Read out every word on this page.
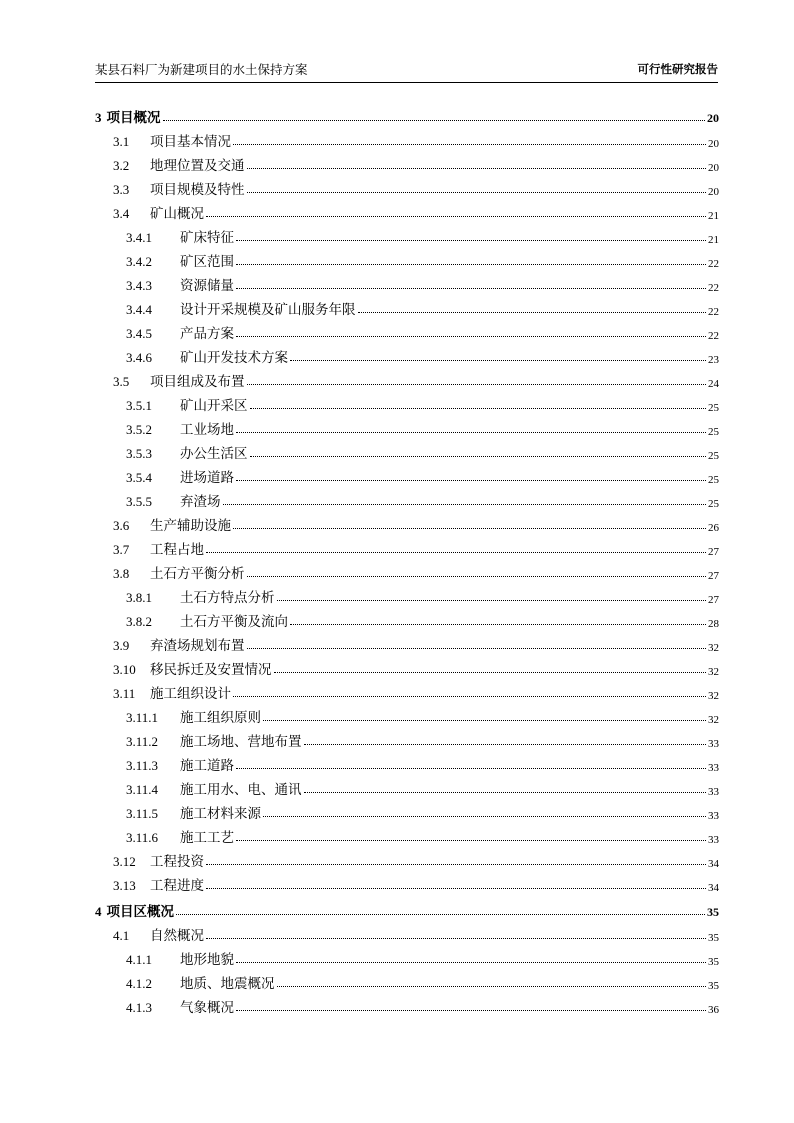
某县石料厂为新建项目的水土保持方案	可行性研究报告
3 项目概况	20
3.1	项目基本情况	20
3.2	地理位置及交通	20
3.3	项目规模及特性	20
3.4	矿山概况	21
3.4.1	矿床特征	21
3.4.2	矿区范围	22
3.4.3	资源储量	22
3.4.4	设计开采规模及矿山服务年限	22
3.4.5	产品方案	22
3.4.6	矿山开发技术方案	23
3.5	项目组成及布置	24
3.5.1	矿山开采区	25
3.5.2	工业场地	25
3.5.3	办公生活区	25
3.5.4	进场道路	25
3.5.5	弃渣场	25
3.6	生产辅助设施	26
3.7	工程占地	27
3.8	土石方平衡分析	27
3.8.1	土石方特点分析	27
3.8.2	土石方平衡及流向	28
3.9	弃渣场规划布置	32
3.10	移民拆迁及安置情况	32
3.11	施工组织设计	32
3.11.1	施工组织原则	32
3.11.2	施工场地、营地布置	33
3.11.3	施工道路	33
3.11.4	施工用水、电、通讯	33
3.11.5	施工材料来源	33
3.11.6	施工工艺	33
3.12	工程投资	34
3.13	工程进度	34
4 项目区概况	35
4.1	自然概况	35
4.1.1	地形地貌	35
4.1.2	地质、地震概况	35
4.1.3	气象概况	36
